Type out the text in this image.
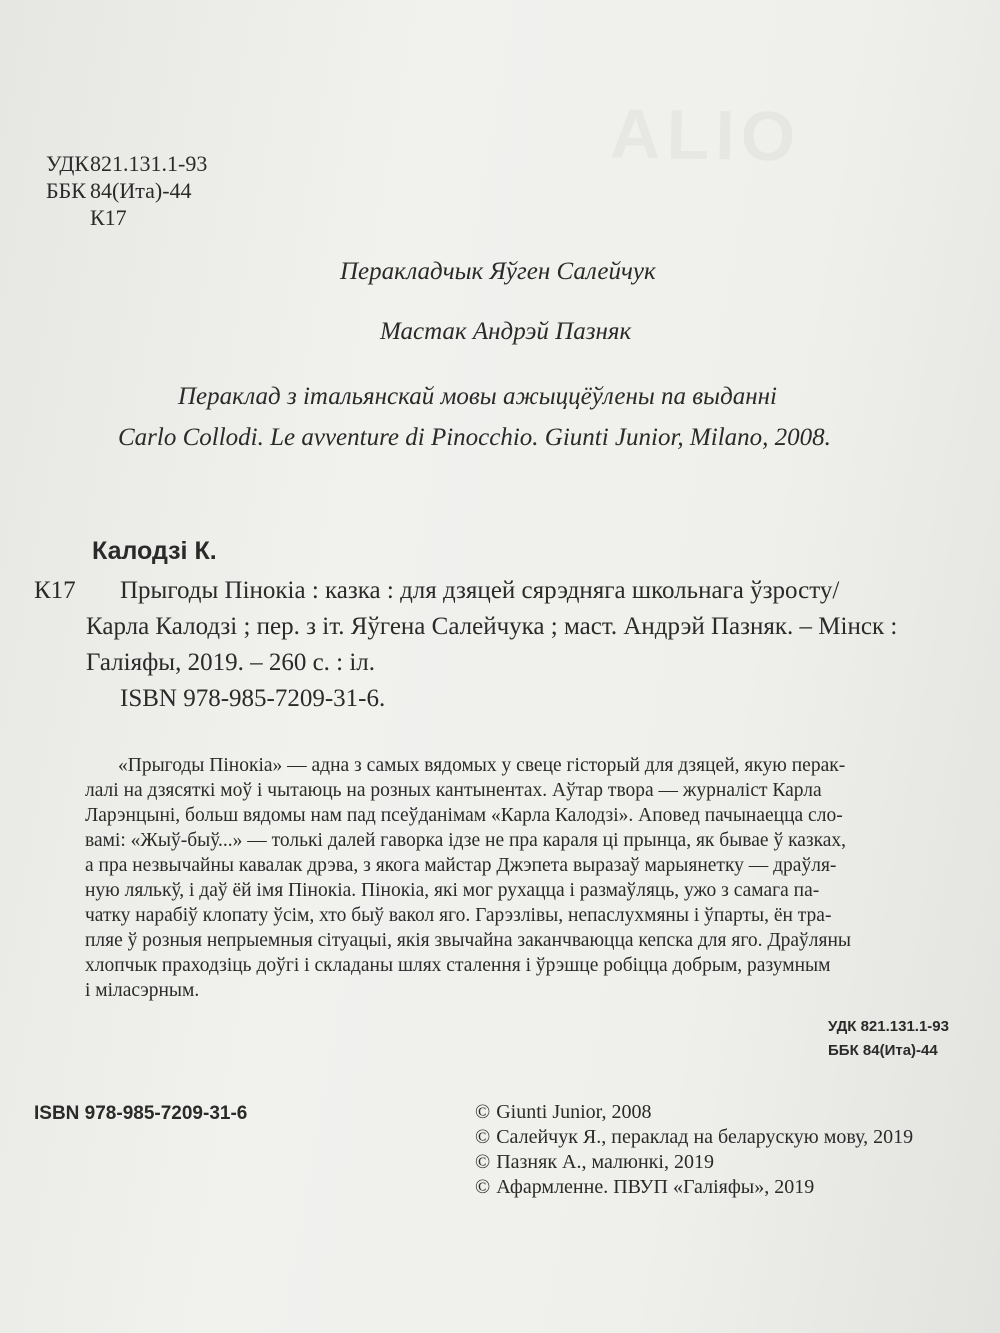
УДК821.131.1-93
ББК 84(Ита)-44
К17
Перакладчык Яўген Салейчук
Мастак Андрэй Пазняк
Пераклад з італьянскай мовы ажыццёўлены па выданні
Carlo Collodi. Le avventure di Pinocchio. Giunti Junior, Milano, 2008.
Калодзі К.
К17 Прыгоды Пінокіа : казка : для дзяцей сярэдняга школьнага ўзросту/
Карла Калодзі ; пер. з іт. Яўгена Салейчука ; маст. Андрэй Пазняк. – Мінск :
Галіяфы, 2019. – 260 с. : іл.
ISBN 978-985-7209-31-6.
«Прыгоды Пінокіа» — адна з самых вядомых у свеце гісторый для дзяцей, якую перак-
лалі на дзясяткі моў і чытаюць на розных кантынентах. Аўтар твора — журналіст Карла
Ларэнцыні, больш вядомы нам пад псеўданімам «Карла Калодзі». Аповед пачынаецца сло-
вамі: «Жыў-быў...» — толькі далей гаворка ідзе не пра караля ці прынца, як бывае ў казках,
а пра незвычайны кавалак дрэва, з якога майстар Джэпета выразаў марыянетку — драўля-
ную лялькў, і даў ёй імя Пінокіа. Пінокіа, які мог рухацца і размаўляць, ужо з самага па-
чатку нарабіў клопату ўсім, хто быў вакол яго. Гарэзлівы, непаслухмяны і ўпарты, ён тра-
пляе ў розныя непрыемныя сітуацыі, якія звычайна заканчваюцца кепска для яго. Драўляны
хлопчык праходзіць доўгі і складаны шлях сталення і ўрэшце робіцца добрым, разумным
і міласэрным.
УДК 821.131.1-93
ББК 84(Ита)-44
ISBN 978-985-7209-31-6	© Giunti Junior, 2008
© Салейчук Я., пераклад на беларускую мову, 2019
© Пазняк А., малюнкі, 2019
© Афармленне. ПВУП «Галіяфы», 2019
